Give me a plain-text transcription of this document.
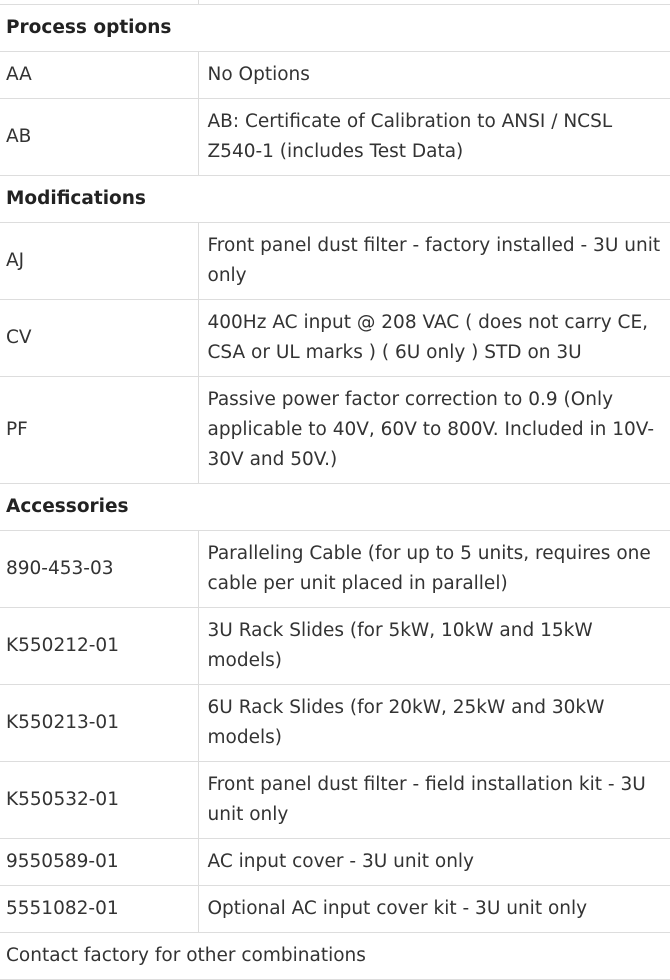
Process options	
AA	No Options
AB	AB: Certificate of Calibration to ANSI / NCSL Z540-1 (includes Test Data)
Modifications	
AJ	Front panel dust filter - factory installed - 3U unit only
CV	400Hz AC input @ 208 VAC ( does not carry CE, CSA or UL marks ) ( 6U only ) STD on 3U
PF	Passive power factor correction to 0.9 (Only applicable to 40V, 60V to 800V. Included in 10V-30V and 50V.)
Accessories	
890-453-03	Paralleling Cable (for up to 5 units, requires one cable per unit placed in parallel)
K550212-01	3U Rack Slides (for 5kW, 10kW and 15kW models)
K550213-01	6U Rack Slides (for 20kW, 25kW and 30kW models)
K550532-01	Front panel dust filter - field installation kit - 3U unit only
9550589-01	AC input cover - 3U unit only
5551082-01	Optional AC input cover kit - 3U unit only
Contact factory for other combinations	
